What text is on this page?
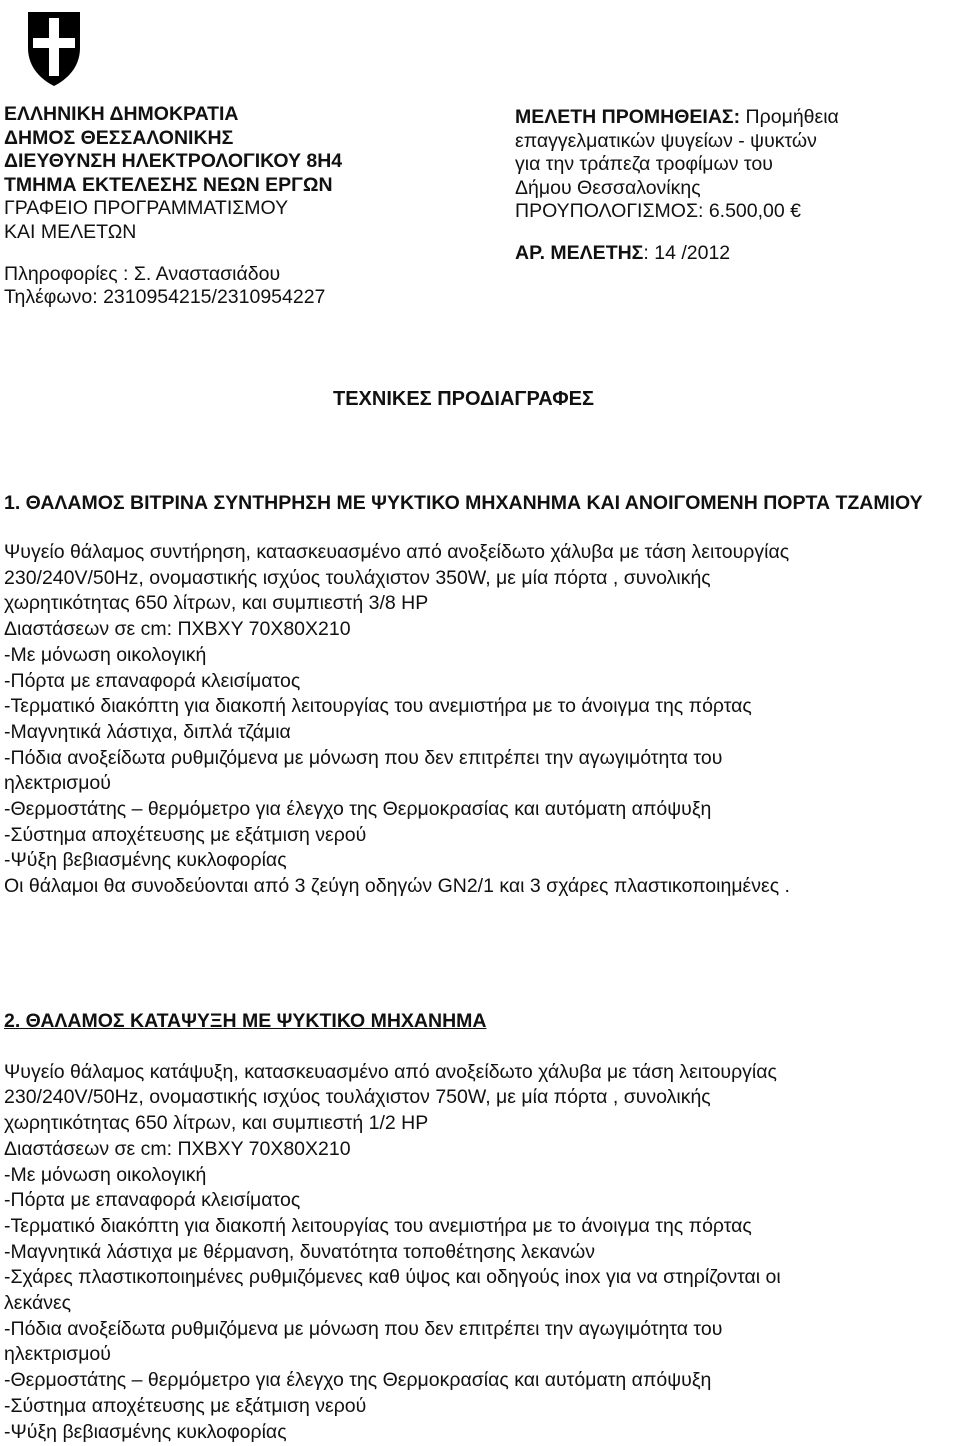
ΕΛΛΗΝΙΚΗ ΔΗΜΟΚΡΑΤΙΑ
ΔΗΜΟΣ ΘΕΣΣΑΛΟΝΙΚΗΣ
ΔΙΕΥΘΥΝΣΗ ΗΛΕΚΤΡΟΛΟΓΙΚΟΥ 8Η4
ΤΜΗΜΑ ΕΚΤΕΛΕΣΗΣ ΝΕΩΝ ΕΡΓΩΝ
ΓΡΑΦΕΙΟ ΠΡΟΓΡΑΜΜΑΤΙΣΜΟΥ
ΚΑΙ ΜΕΛΕΤΩΝ
Πληροφορίες : Σ. Αναστασιάδου
Τηλέφωνο: 2310954215/2310954227
ΜΕΛΕΤΗ ΠΡΟΜΗΘΕΙΑΣ: Προμήθεια
επαγγελματικών ψυγείων - ψυκτών
για την τράπεζα τροφίμων του
Δήμου Θεσσαλονίκης
ΠΡΟΥΠΟΛΟΓΙΣΜΟΣ: 6.500,00 €
ΑΡ. ΜΕΛΕΤΗΣ: 14 /2012
ΤΕΧΝΙΚΕΣ ΠΡΟΔΙΑΓΡΑΦΕΣ
1. ΘΑΛΑΜΟΣ ΒΙΤΡΙΝΑ ΣΥΝΤΗΡΗΣΗ ΜΕ ΨΥΚΤΙΚΟ ΜΗΧΑΝΗΜΑ ΚΑΙ ΑΝΟΙΓΟΜΕΝΗ ΠΟΡΤΑ ΤΖΑΜΙΟΥ
Ψυγείο θάλαμος συντήρηση, κατασκευασμένο από ανοξείδωτο χάλυβα με τάση λειτουργίας
230/240V/50Hz, ονομαστικής ισχύος τουλάχιστον 350W, με μία πόρτα , συνολικής
χωρητικότητας 650 λίτρων, και συμπιεστή 3/8 HP
Διαστάσεων σε cm: ΠΧΒΧΥ 70Χ80Χ210
-Με μόνωση οικολογική
-Πόρτα με επαναφορά κλεισίματος
-Τερματικό διακόπτη για διακοπή λειτουργίας του ανεμιστήρα με το άνοιγμα της πόρτας
-Μαγνητικά λάστιχα, διπλά τζάμια
-Πόδια ανοξείδωτα ρυθμιζόμενα με μόνωση που δεν επιτρέπει την αγωγιμότητα του
ηλεκτρισμού
-Θερμοστάτης – θερμόμετρο για έλεγχο της Θερμοκρασίας και αυτόματη απόψυξη
-Σύστημα αποχέτευσης με εξάτμιση νερού
-Ψύξη βεβιασμένης κυκλοφορίας
Οι θάλαμοι θα συνοδεύονται από 3 ζεύγη οδηγών GN2/1 και 3 σχάρες πλαστικοποιημένες .
2. ΘΑΛΑΜΟΣ ΚΑΤΑΨΥΞΗ ΜΕ ΨΥΚΤΙΚΟ ΜΗΧΑΝΗΜΑ
Ψυγείο θάλαμος κατάψυξη, κατασκευασμένο από ανοξείδωτο χάλυβα με τάση λειτουργίας
230/240V/50Hz, ονομαστικής ισχύος τουλάχιστον 750W, με μία πόρτα , συνολικής
χωρητικότητας 650 λίτρων, και συμπιεστή 1/2 HP
Διαστάσεων σε cm: ΠΧΒΧΥ 70Χ80Χ210
-Με μόνωση οικολογική
-Πόρτα με επαναφορά κλεισίματος
-Τερματικό διακόπτη για διακοπή λειτουργίας του ανεμιστήρα με το άνοιγμα της πόρτας
-Μαγνητικά λάστιχα με θέρμανση, δυνατότητα τοποθέτησης λεκανών
-Σχάρες πλαστικοποιημένες ρυθμιζόμενες καθ ύψος και οδηγούς inox για να στηρίζονται οι
λεκάνες
-Πόδια ανοξείδωτα ρυθμιζόμενα με μόνωση που δεν επιτρέπει την αγωγιμότητα του
ηλεκτρισμού
-Θερμοστάτης – θερμόμετρο για έλεγχο της Θερμοκρασίας και αυτόματη απόψυξη
-Σύστημα αποχέτευσης με εξάτμιση νερού
-Ψύξη βεβιασμένης κυκλοφορίας
